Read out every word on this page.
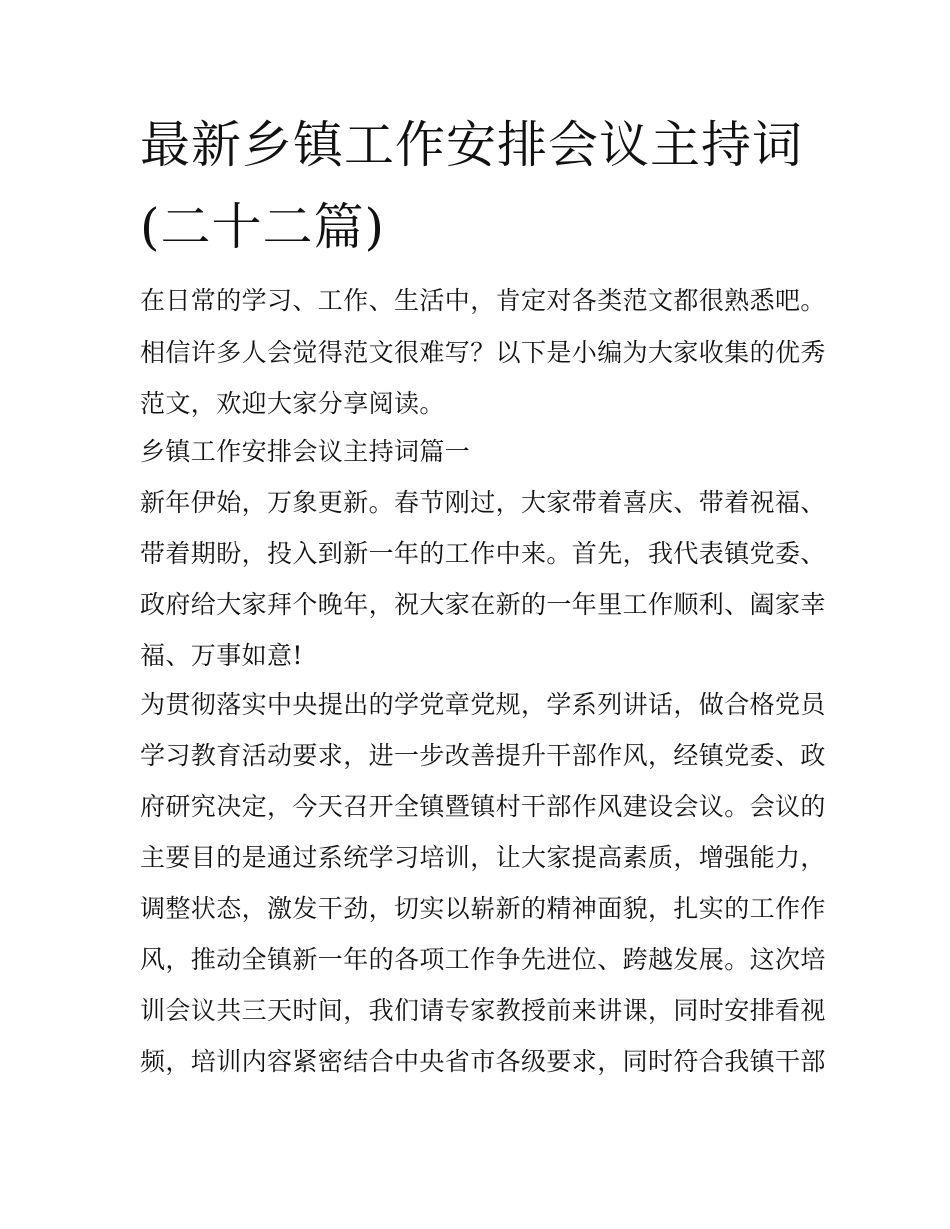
最新乡镇工作安排会议主持词
(二十二篇)
在日常的学习、工作、生活中，肯定对各类范文都很熟悉吧。
相信许多人会觉得范文很难写？以下是小编为大家收集的优秀
范文，欢迎大家分享阅读。
乡镇工作安排会议主持词篇一
新年伊始，万象更新。春节刚过，大家带着喜庆、带着祝福、
带着期盼，投入到新一年的工作中来。首先，我代表镇党委、
政府给大家拜个晚年，祝大家在新的一年里工作顺利、阖家幸
福、万事如意!
为贯彻落实中央提出的学党章党规，学系列讲话，做合格党员
学习教育活动要求，进一步改善提升干部作风，经镇党委、政
府研究决定，今天召开全镇暨镇村干部作风建设会议。会议的
主要目的是通过系统学习培训，让大家提高素质，增强能力，
调整状态，激发干劲，切实以崭新的精神面貌，扎实的工作作
风，推动全镇新一年的各项工作争先进位、跨越发展。这次培
训会议共三天时间，我们请专家教授前来讲课，同时安排看视
频，培训内容紧密结合中央省市各级要求，同时符合我镇干部
